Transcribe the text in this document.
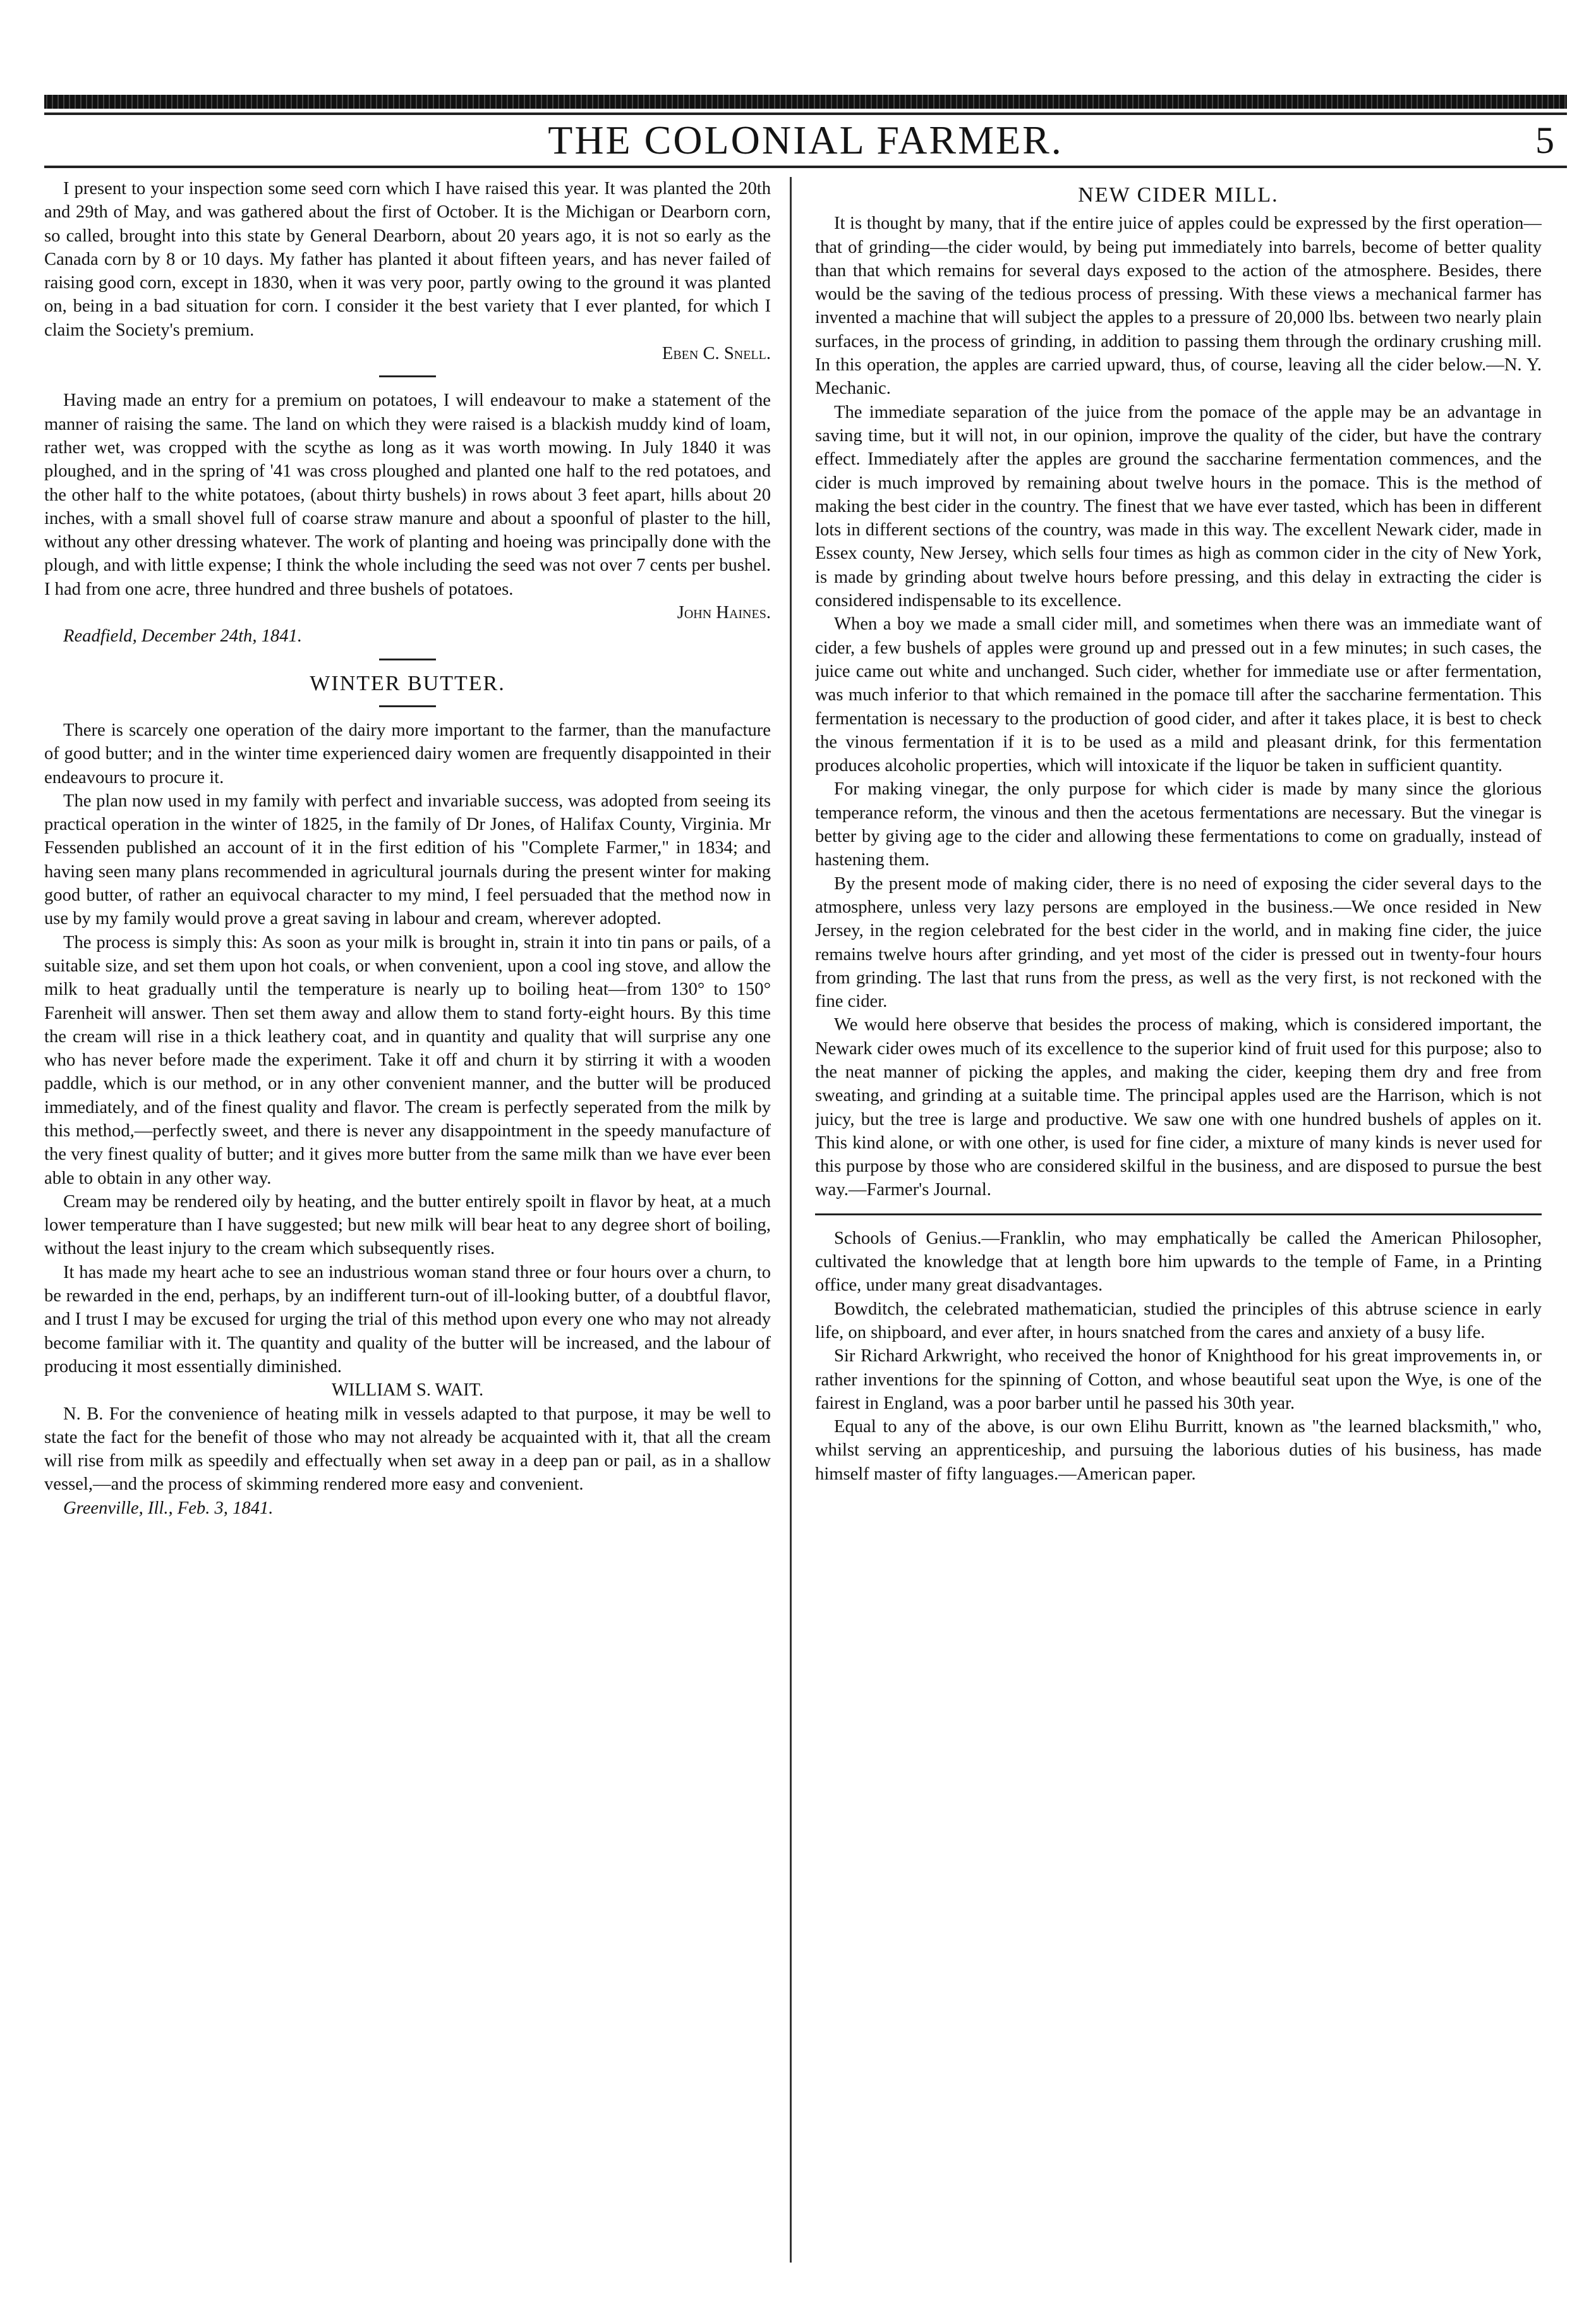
THE COLONIAL FARMER.	5

I present to your inspection some seed corn which I have raised this year. It was planted the 20th and 29th of May, and was gathered about the first of October. It is the Michigan or Dearborn corn, so called, brought into this state by General Dearborn, about 20 years ago, it is not so early as the Canada corn by 8 or 10 days. My father has planted it about fifteen years, and has never failed of raising good corn, except in 1830, when it was very poor, partly owing to the ground it was planted on, being in a bad situation for corn. I consider it the best variety that I ever planted, for which I claim the Society's premium.

Eben C. Snell.

Having made an entry for a premium on potatoes, I will endeavour to make a statement of the manner of raising the same. The land on which they were raised is a blackish muddy kind of loam, rather wet, was cropped with the scythe as long as it was worth mowing. In July 1840 it was ploughed, and in the spring of '41 was cross ploughed and planted one half to the red potatoes, and the other half to the white potatoes, (about thirty bushels) in rows about 3 feet apart, hills about 20 inches, with a small shovel full of coarse straw manure and about a spoonful of plaster to the hill, without any other dressing whatever. The work of planting and hoeing was principally done with the plough, and with little expense; I think the whole including the seed was not over 7 cents per bushel. I had from one acre, three hundred and three bushels of potatoes.

John Haines.

Readfield, December 24th, 1841.

WINTER BUTTER.

There is scarcely one operation of the dairy more important to the farmer, than the manufacture of good butter; and in the winter time experienced dairy women are frequently disappointed in their endeavours to procure it.

The plan now used in my family with perfect and invariable success, was adopted from seeing its practical operation in the winter of 1825, in the family of Dr Jones, of Halifax County, Virginia. Mr Fessenden published an account of it in the first edition of his "Complete Farmer," in 1834; and having seen many plans recommended in agricultural journals during the present winter for making good butter, of rather an equivocal character to my mind, I feel persuaded that the method now in use by my family would prove a great saving in labour and cream, wherever adopted.

The process is simply this: As soon as your milk is brought in, strain it into tin pans or pails, of a suitable size, and set them upon hot coals, or when convenient, upon a cool ing stove, and allow the milk to heat gradually until the temperature is nearly up to boiling heat—from 130° to 150° Farenheit will answer. Then set them away and allow them to stand forty-eight hours. By this time the cream will rise in a thick leathery coat, and in quantity and quality that will surprise any one who has never before made the experiment. Take it off and churn it by stirring it with a wooden paddle, which is our method, or in any other convenient manner, and the butter will be produced immediately, and of the finest quality and flavor. The cream is perfectly seperated from the milk by this method,—perfectly sweet, and there is never any disappointment in the speedy manufacture of the very finest quality of butter; and it gives more butter from the same milk than we have ever been able to obtain in any other way.

Cream may be rendered oily by heating, and the butter entirely spoilt in flavor by heat, at a much lower temperature than I have suggested; but new milk will bear heat to any degree short of boiling, without the least injury to the cream which subsequently rises.

It has made my heart ache to see an industrious woman stand three or four hours over a churn, to be rewarded in the end, perhaps, by an indifferent turn-out of ill-looking butter, of a doubtful flavor, and I trust I may be excused for urging the trial of this method upon every one who may not already become familiar with it. The quantity and quality of the butter will be increased, and the labour of producing it most essentially diminished.

WILLIAM S. WAIT.

N. B. For the convenience of heating milk in vessels adapted to that purpose, it may be well to state the fact for the benefit of those who may not already be acquainted with it, that all the cream will rise from milk as speedily and effectually when set away in a deep pan or pail, as in a shallow vessel,—and the process of skimming rendered more easy and convenient.

Greenville, Ill., Feb. 3, 1841.

NEW CIDER MILL.

It is thought by many, that if the entire juice of apples could be expressed by the first operation—that of grinding—the cider would, by being put immediately into barrels, become of better quality than that which remains for several days exposed to the action of the atmosphere. Besides, there would be the saving of the tedious process of pressing. With these views a mechanical farmer has invented a machine that will subject the apples to a pressure of 20,000 lbs. between two nearly plain surfaces, in the process of grinding, in addition to passing them through the ordinary crushing mill. In this operation, the apples are carried upward, thus, of course, leaving all the cider below.—N. Y. Mechanic.

The immediate separation of the juice from the pomace of the apple may be an advantage in saving time, but it will not, in our opinion, improve the quality of the cider, but have the contrary effect. Immediately after the apples are ground the saccharine fermentation commences, and the cider is much improved by remaining about twelve hours in the pomace. This is the method of making the best cider in the country. The finest that we have ever tasted, which has been in different lots in different sections of the country, was made in this way. The excellent Newark cider, made in Essex county, New Jersey, which sells four times as high as common cider in the city of New York, is made by grinding about twelve hours before pressing, and this delay in extracting the cider is considered indispensable to its excellence.

When a boy we made a small cider mill, and sometimes when there was an immediate want of cider, a few bushels of apples were ground up and pressed out in a few minutes; in such cases, the juice came out white and unchanged. Such cider, whether for immediate use or after fermentation, was much inferior to that which remained in the pomace till after the saccharine fermentation. This fermentation is necessary to the production of good cider, and after it takes place, it is best to check the vinous fermentation if it is to be used as a mild and pleasant drink, for this fermentation produces alcoholic properties, which will intoxicate if the liquor be taken in sufficient quantity.

For making vinegar, the only purpose for which cider is made by many since the glorious temperance reform, the vinous and then the acetous fermentations are necessary. But the vinegar is better by giving age to the cider and allowing these fermentations to come on gradually, instead of hastening them.

By the present mode of making cider, there is no need of exposing the cider several days to the atmosphere, unless very lazy persons are employed in the business.—We once resided in New Jersey, in the region celebrated for the best cider in the world, and in making fine cider, the juice remains twelve hours after grinding, and yet most of the cider is pressed out in twenty-four hours from grinding. The last that runs from the press, as well as the very first, is not reckoned with the fine cider.

We would here observe that besides the process of making, which is considered important, the Newark cider owes much of its excellence to the superior kind of fruit used for this purpose; also to the neat manner of picking the apples, and making the cider, keeping them dry and free from sweating, and grinding at a suitable time. The principal apples used are the Harrison, which is not juicy, but the tree is large and productive. We saw one with one hundred bushels of apples on it. This kind alone, or with one other, is used for fine cider, a mixture of many kinds is never used for this purpose by those who are considered skilful in the business, and are disposed to pursue the best way.—Farmer's Journal.

Schools of Genius.—Franklin, who may emphatically be called the American Philosopher, cultivated the knowledge that at length bore him upwards to the temple of Fame, in a Printing office, under many great disadvantages.

Bowditch, the celebrated mathematician, studied the principles of this abtruse science in early life, on shipboard, and ever after, in hours snatched from the cares and anxiety of a busy life.

Sir Richard Arkwright, who received the honor of Knighthood for his great improvements in, or rather inventions for the spinning of Cotton, and whose beautiful seat upon the Wye, is one of the fairest in England, was a poor barber until he passed his 30th year.

Equal to any of the above, is our own Elihu Burritt, known as "the learned blacksmith," who, whilst serving an apprenticeship, and pursuing the laborious duties of his business, has made himself master of fifty languages.—American paper.
